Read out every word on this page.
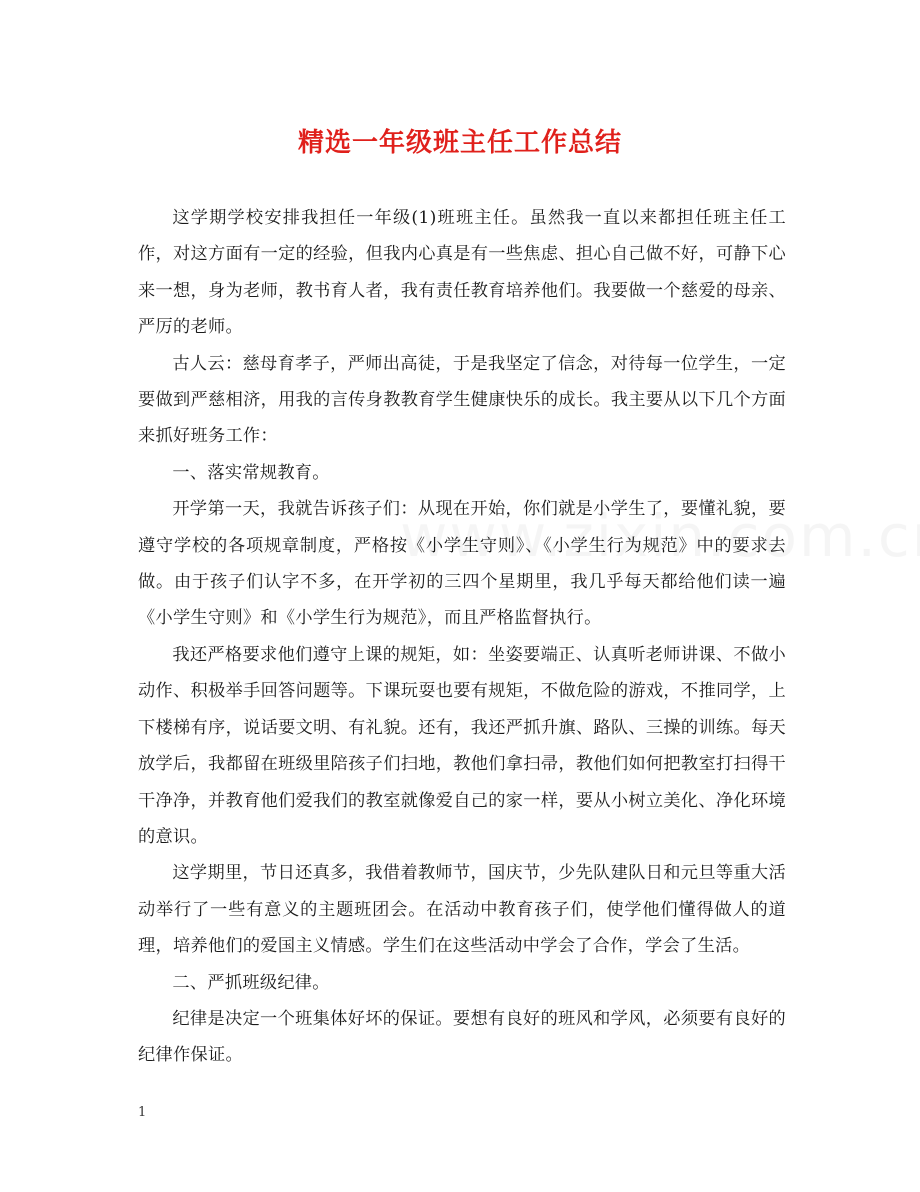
精选一年级班主任工作总结

这学期学校安排我担任一年级(1)班班主任。虽然我一直以来都担任班主任工作，对这方面有一定的经验，但我内心真是有一些焦虑、担心自己做不好，可静下心来一想，身为老师，教书育人者，我有责任教育培养他们。我要做一个慈爱的母亲、严厉的老师。

古人云：慈母育孝子，严师出高徒，于是我坚定了信念，对待每一位学生，一定要做到严慈相济，用我的言传身教教育学生健康快乐的成长。我主要从以下几个方面来抓好班务工作：

一、落实常规教育。

开学第一天，我就告诉孩子们：从现在开始，你们就是小学生了，要懂礼貌，要遵守学校的各项规章制度，严格按《小学生守则》、《小学生行为规范》中的要求去做。由于孩子们认字不多，在开学初的三四个星期里，我几乎每天都给他们读一遍《小学生守则》和《小学生行为规范》，而且严格监督执行。

我还严格要求他们遵守上课的规矩，如：坐姿要端正、认真听老师讲课、不做小动作、积极举手回答问题等。下课玩耍也要有规矩，不做危险的游戏，不推同学，上下楼梯有序，说话要文明、有礼貌。还有，我还严抓升旗、路队、三操的训练。每天放学后，我都留在班级里陪孩子们扫地，教他们拿扫帚，教他们如何把教室打扫得干干净净，并教育他们爱我们的教室就像爱自己的家一样，要从小树立美化、净化环境的意识。

这学期里，节日还真多，我借着教师节，国庆节，少先队建队日和元旦等重大活动举行了一些有意义的主题班团会。在活动中教育孩子们，使学他们懂得做人的道理，培养他们的爱国主义情感。学生们在这些活动中学会了合作，学会了生活。

二、严抓班级纪律。

纪律是决定一个班集体好坏的保证。要想有良好的班风和学风，必须要有良好的纪律作保证。

1
